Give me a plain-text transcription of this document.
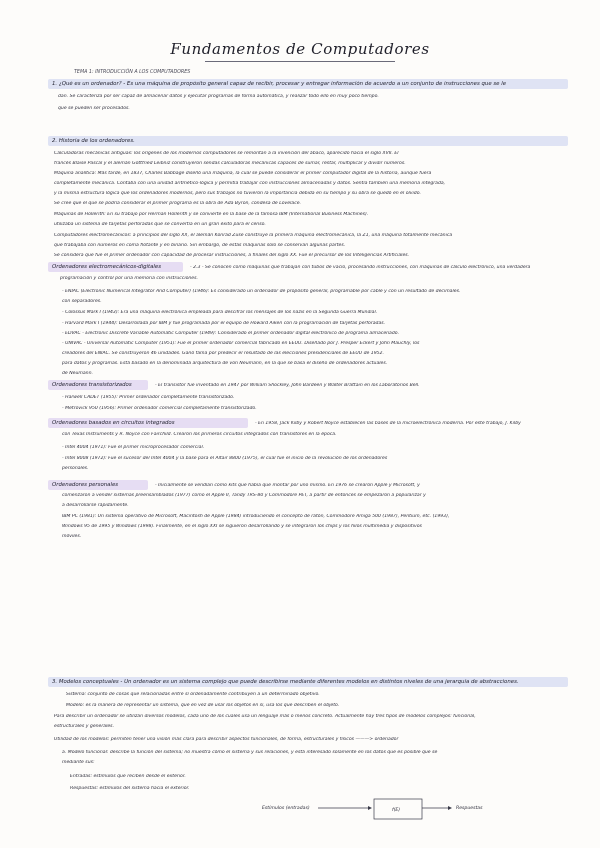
Fundamentos de Computadores
TEMA 1: INTRODUCCIÓN A LOS COMPUTADORES
1. ¿Qué es un ordenador? - Es una máquina de propósito general capaz de recibir, procesar y entregar información de acuerdo a un conjunto de instrucciones que se le
dan. Se caracteriza por ser capaz de almacenar datos y ejecutar programas de forma automática, y realizar todo ello en muy poco tiempo.
que se pueden ser procesados.
2. Historia de los ordenadores.
Calculadoras mecánicas antiguas: los orígenes de los modernos computadores se remontan a la invención del ábaco, aparecido hacia el siglo XVII. El
francés Blaise Pascal y el alemán Gottfried Leibniz construyeron sendas calculadoras mecánicas capaces de sumar, restar, multiplicar y dividir números.
Máquina analítica: Más tarde, en 1837, Charles Babbage diseñó una máquina, la cual se puede considerar el primer computador digital de la historia, aunque fuera
completamente mecánica. Contaba con una unidad aritmético-lógica y permitía trabajar con instrucciones almacenadas y datos. Sentía también una memoria integrada,
y la misma estructura lógica que los ordenadores modernos, pero sus trabajos no tuvieron la importancia debida en su tiempo y su obra se quedó en el olvido.
Se cree que el que se podría considerar el primer programa es la obra de Ada Byron, condesa de Lovelace.
Máquinas de Hollerith: En su trabajo por Herman Hollerith y se convierte en la base de la famosa IBM (International Business Machines).
utilizaba un sistema de tarjetas perforadas que se convertía en un gran éxito para el censo.
Computadores electromecánicos: a principios del siglo XX, el alemán Konrad Zuse construye la primera máquina electromecánica, la Z1, una máquina totalmente mecánica
que trabajaba con números en coma flotante y en binario. Sin embargo, de estas máquinas solo se conservan algunas partes.
Se considera que fue el primer ordenador con capacidad de procesar instrucciones, a finales del siglo XX. Fue el precursor de los Inteligencias Artificiales.
Ordenadores electromecánicos-digitales	- 2.3 - Se conocen como máquinas que trabajan con tubos de vacío, procesando instrucciones, con máquinas de cálculo electrónico, una verdadera
programación y control por una memoria con instrucciones.
- ENIAC (Electronic Numerical Integrator And Computer) (1946): Es considerado un ordenador de propósito general, programable por cable y con un resultado de decimales.
con separadores.
- Colossus Mark I (1943): Era una máquina electrónica empleada para descifrar los mensajes de los nazis en la Segunda Guerra Mundial.
- Harvard Mark I (1944): Desarrollada por IBM y fue programada por el equipo de Howard Aiken con la programación de tarjetas perforadas.
- EDVAC - Electronic Discrete Variable Automatic Computer (1949): Considerado el primer ordenador digital electrónico de programa almacenado.
- UNIVAC - Universal Automatic Computer (1951): Fue el primer ordenador comercial fabricado en EEUU. Diseñado por J. Presper Eckert y John Mauchly, los
creadores del ENIAC. Se construyeron 46 unidades. Ganó fama por predecir el resultado de las elecciones presidenciales de EEUU de 1952.
para datos y programas. Está basado en la denominada arquitectura de von Neumann, en la que se basa el diseño de ordenadores actuales.
de Neumann.
Ordenadores transistorizados	- El transistor fue inventado en 1947 por William Shockley, John Bardeen y Walter Brattain en los Laboratorios Bell.
- Harwell CADET (1955): Primer ordenador completamente transistorizado.
- Metrovick 950 (1956): Primer ordenador comercial completamente transistorizado.
Ordenadores basados en circuitos integrados	- En 1958, Jack Kilby y Robert Noyce establecen las bases de la microelectrónica moderna. Por este trabajo, J. Kilby
con Texas Instruments y R. Noyce con Fairchild. Crearon los primeros circuitos integrados con transistores en la época.
- Intel 4004 (1971): Fue el primer microprocesador comercial.
- Intel 8008 (1972): Fue el sucesor del Intel 4004 y la base para el Altair 8800 (1975), el cual fue el inicio de la revolución de los ordenadores
personales.
Ordenadores personales	- Inicialmente se vendían como kits que había que montar por uno mismo. En 1976 se crearon Apple y Microsoft, y
comenzaron a vender sistemas preensamblados (1977) como el Apple II, Tandy TRS-80 y Commodore PET, a partir de entonces se empezaron a popularizar y
a desarrollarse rápidamente.
IBM PC (1981): Un sistema operativo de Microsoft, Macintosh de Apple (1984) introduciendo el concepto de ratón, Commodore Amiga 500 (1987), Pentium, etc. (1993),
Windows 95 de 1995 y Windows (1998). Finalmente, en el siglo XXI se siguieron desarrollando y se integraron los chips y los hilos multimedia y dispositivos
móviles.
3. Modelos conceptuales - Un ordenador es un sistema complejo que puede describirse mediante diferentes modelos en distintos niveles de una jerarquía de abstracciones.
Sistema: conjunto de cosas que relacionadas entre sí ordenadamente contribuyen a un determinado objetivo.
Modelo: es la manera de representar un sistema, que en vez de usar los objetos en sí, usa los que describen el objeto.
Para describir un ordenador se utilizan diversos modelos, cada uno de los cuales usa un lenguaje más o menos concreto. Actualmente hay tres tipos de modelos complejos: funcional,
estructurales y generales.
Utilidad de los modelos: permiten tener una visión más clara para describir aspectos funcionales, de forma, estructurales y físicos ———> ordenador
a. Modelo funcional: describe la función del sistema; no muestra cómo el sistema y sus relaciones, y está interesado solamente en los datos que es posible que se
mediante sus:
Entradas: estímulos que reciben desde el exterior.
Respuestas: estímulos del sistema hacia el exterior.
Estímulos (entradas)	f(E)	Respuestas
